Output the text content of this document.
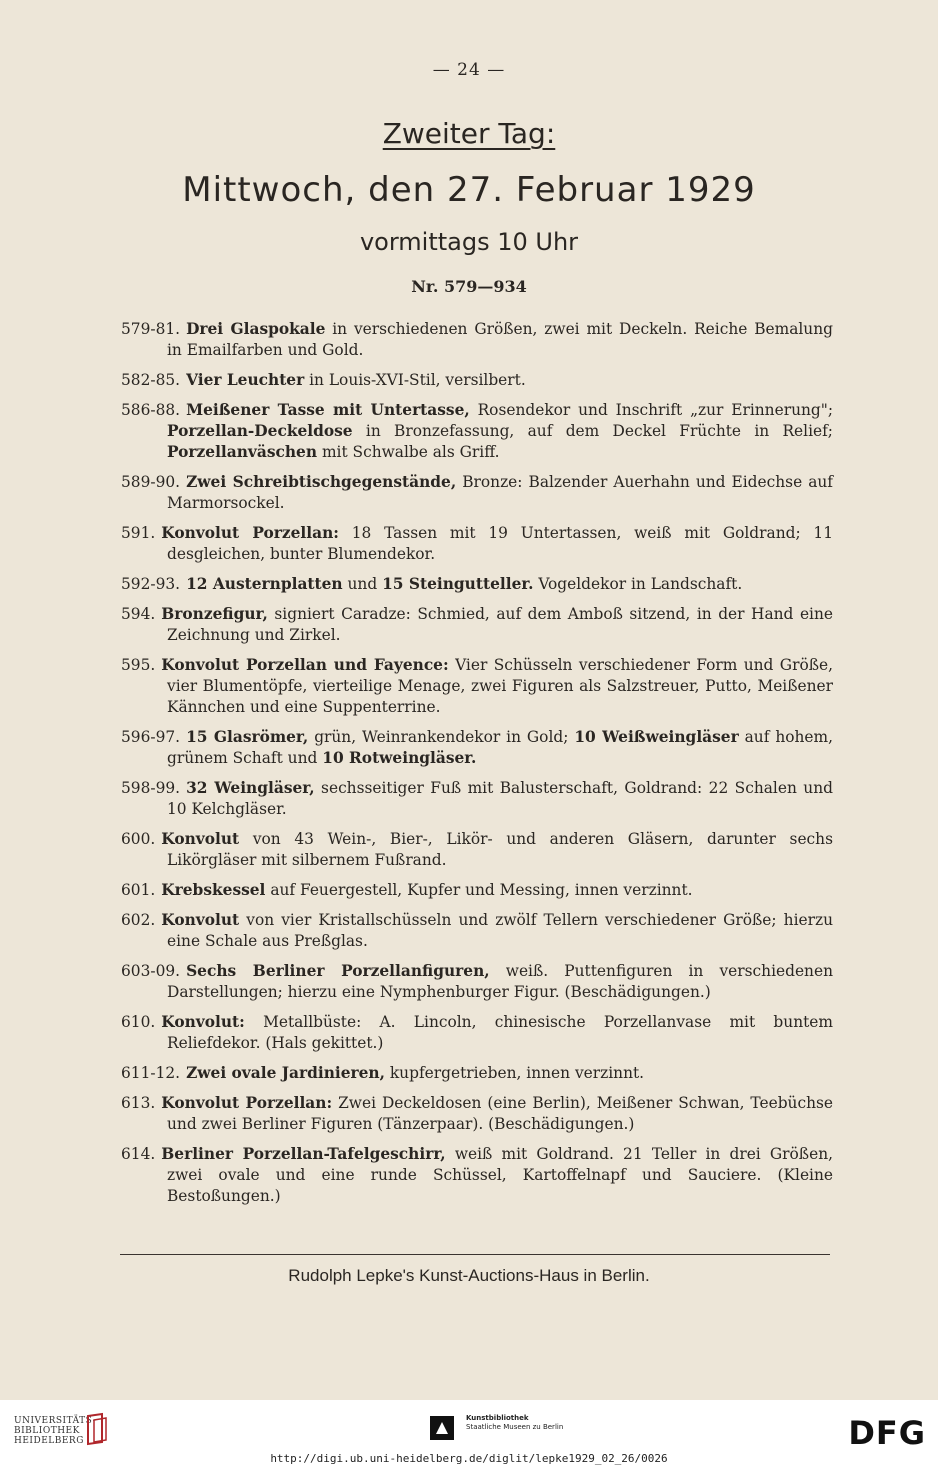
— 24 —
Zweiter Tag:
Mittwoch, den 27. Februar 1929
vormittags 10 Uhr
Nr. 579—934
579-81. Drei Glaspokale in verschiedenen Größen, zwei mit Deckeln. Reiche Bemalung in Emailfarben und Gold.
582-85. Vier Leuchter in Louis-XVI-Stil, versilbert.
586-88. Meißener Tasse mit Untertasse, Rosendekor und Inschrift „zur Erinnerung"; Porzellan-Deckeldose in Bronzefassung, auf dem Deckel Früchte in Relief; Porzellanväschen mit Schwalbe als Griff.
589-90. Zwei Schreibtischgegenstände, Bronze: Balzender Auerhahn und Eidechse auf Marmorsockel.
591. Konvolut Porzellan: 18 Tassen mit 19 Untertassen, weiß mit Goldrand; 11 desgleichen, bunter Blumendekor.
592-93. 12 Austernplatten und 15 Steingutteller. Vogeldekor in Landschaft.
594. Bronzefigur, signiert Caradze: Schmied, auf dem Amboß sitzend, in der Hand eine Zeichnung und Zirkel.
595. Konvolut Porzellan und Fayence: Vier Schüsseln verschiedener Form und Größe, vier Blumentöpfe, vierteilige Menage, zwei Figuren als Salzstreuer, Putto, Meißener Kännchen und eine Suppenterrine.
596-97. 15 Glasrömer, grün, Weinrankendekor in Gold; 10 Weißweingläser auf hohem, grünem Schaft und 10 Rotweingläser.
598-99. 32 Weingläser, sechsseitiger Fuß mit Balusterschaft, Goldrand: 22 Schalen und 10 Kelchgläser.
600. Konvolut von 43 Wein-, Bier-, Likör- und anderen Gläsern, darunter sechs Likörgläser mit silbernem Fußrand.
601. Krebskessel auf Feuergestell, Kupfer und Messing, innen verzinnt.
602. Konvolut von vier Kristallschüsseln und zwölf Tellern verschiedener Größe; hierzu eine Schale aus Preßglas.
603-09. Sechs Berliner Porzellanfiguren, weiß. Puttenfiguren in verschiedenen Darstellungen; hierzu eine Nymphenburger Figur. (Beschädigungen.)
610. Konvolut: Metallbüste: A. Lincoln, chinesische Porzellanvase mit buntem Reliefdekor. (Hals gekittet.)
611-12. Zwei ovale Jardinieren, kupfergetrieben, innen verzinnt.
613. Konvolut Porzellan: Zwei Deckeldosen (eine Berlin), Meißener Schwan, Teebüchse und zwei Berliner Figuren (Tänzerpaar). (Beschädigungen.)
614. Berliner Porzellan-Tafelgeschirr, weiß mit Goldrand. 21 Teller in drei Größen, zwei ovale und eine runde Schüssel, Kartoffelnapf und Sauciere. (Kleine Bestoßungen.)
Rudolph Lepke's Kunst-Auctions-Haus in Berlin.
UNIVERSITÄTS-
BIBLIOTHEK
HEIDELBERG
Kunstbibliothek
Staatliche Museen zu Berlin	DFG
http://digi.ub.uni-heidelberg.de/diglit/lepke1929_02_26/0026
